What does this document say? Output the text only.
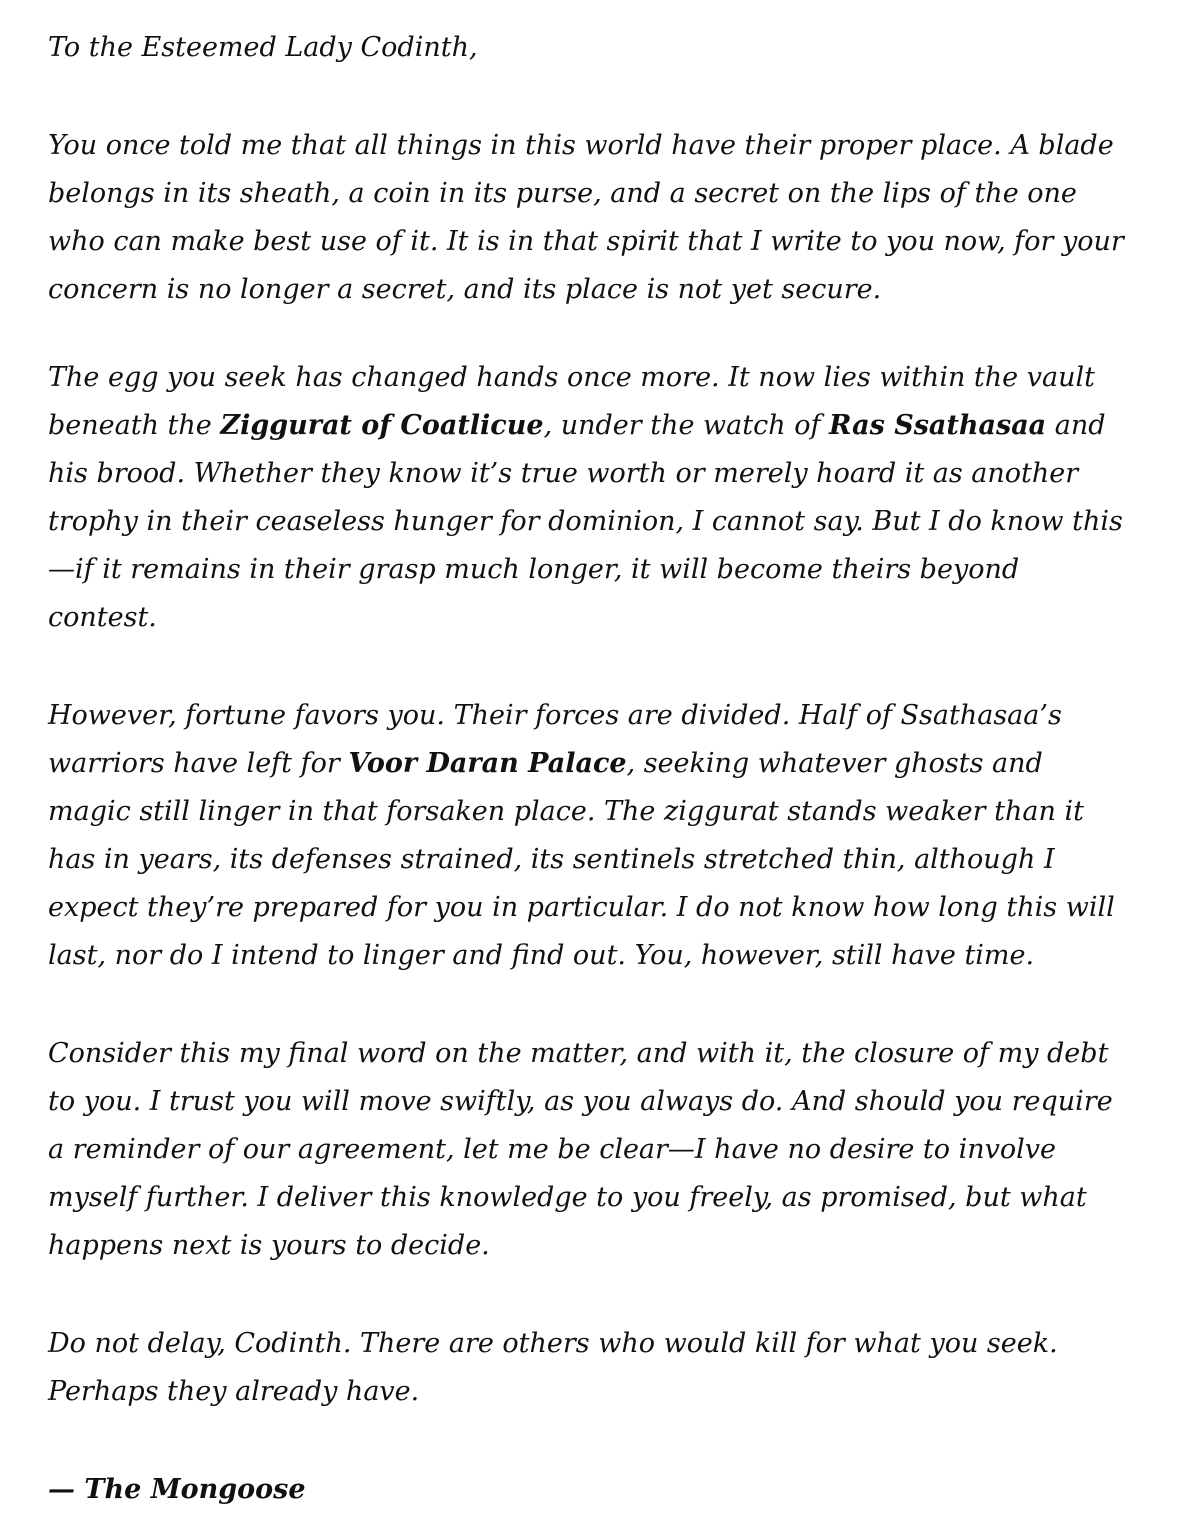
To the Esteemed Lady Codinth,

You once told me that all things in this world have their proper place. A blade belongs in its sheath, a coin in its purse, and a secret on the lips of the one who can make best use of it. It is in that spirit that I write to you now, for your concern is no longer a secret, and its place is not yet secure.

The egg you seek has changed hands once more. It now lies within the vault beneath the Ziggurat of Coatlicue, under the watch of Ras Ssathasaa and his brood. Whether they know it’s true worth or merely hoard it as another trophy in their ceaseless hunger for dominion, I cannot say. But I do know this—if it remains in their grasp much longer, it will become theirs beyond contest.

However, fortune favors you. Their forces are divided. Half of Ssathasaa’s warriors have left for Voor Daran Palace, seeking whatever ghosts and magic still linger in that forsaken place. The ziggurat stands weaker than it has in years, its defenses strained, its sentinels stretched thin, although I expect they’re prepared for you in particular. I do not know how long this will last, nor do I intend to linger and find out. You, however, still have time.

Consider this my final word on the matter, and with it, the closure of my debt to you. I trust you will move swiftly, as you always do. And should you require a reminder of our agreement, let me be clear—I have no desire to involve myself further. I deliver this knowledge to you freely, as promised, but what happens next is yours to decide.

Do not delay, Codinth. There are others who would kill for what you seek. Perhaps they already have.

— The Mongoose
